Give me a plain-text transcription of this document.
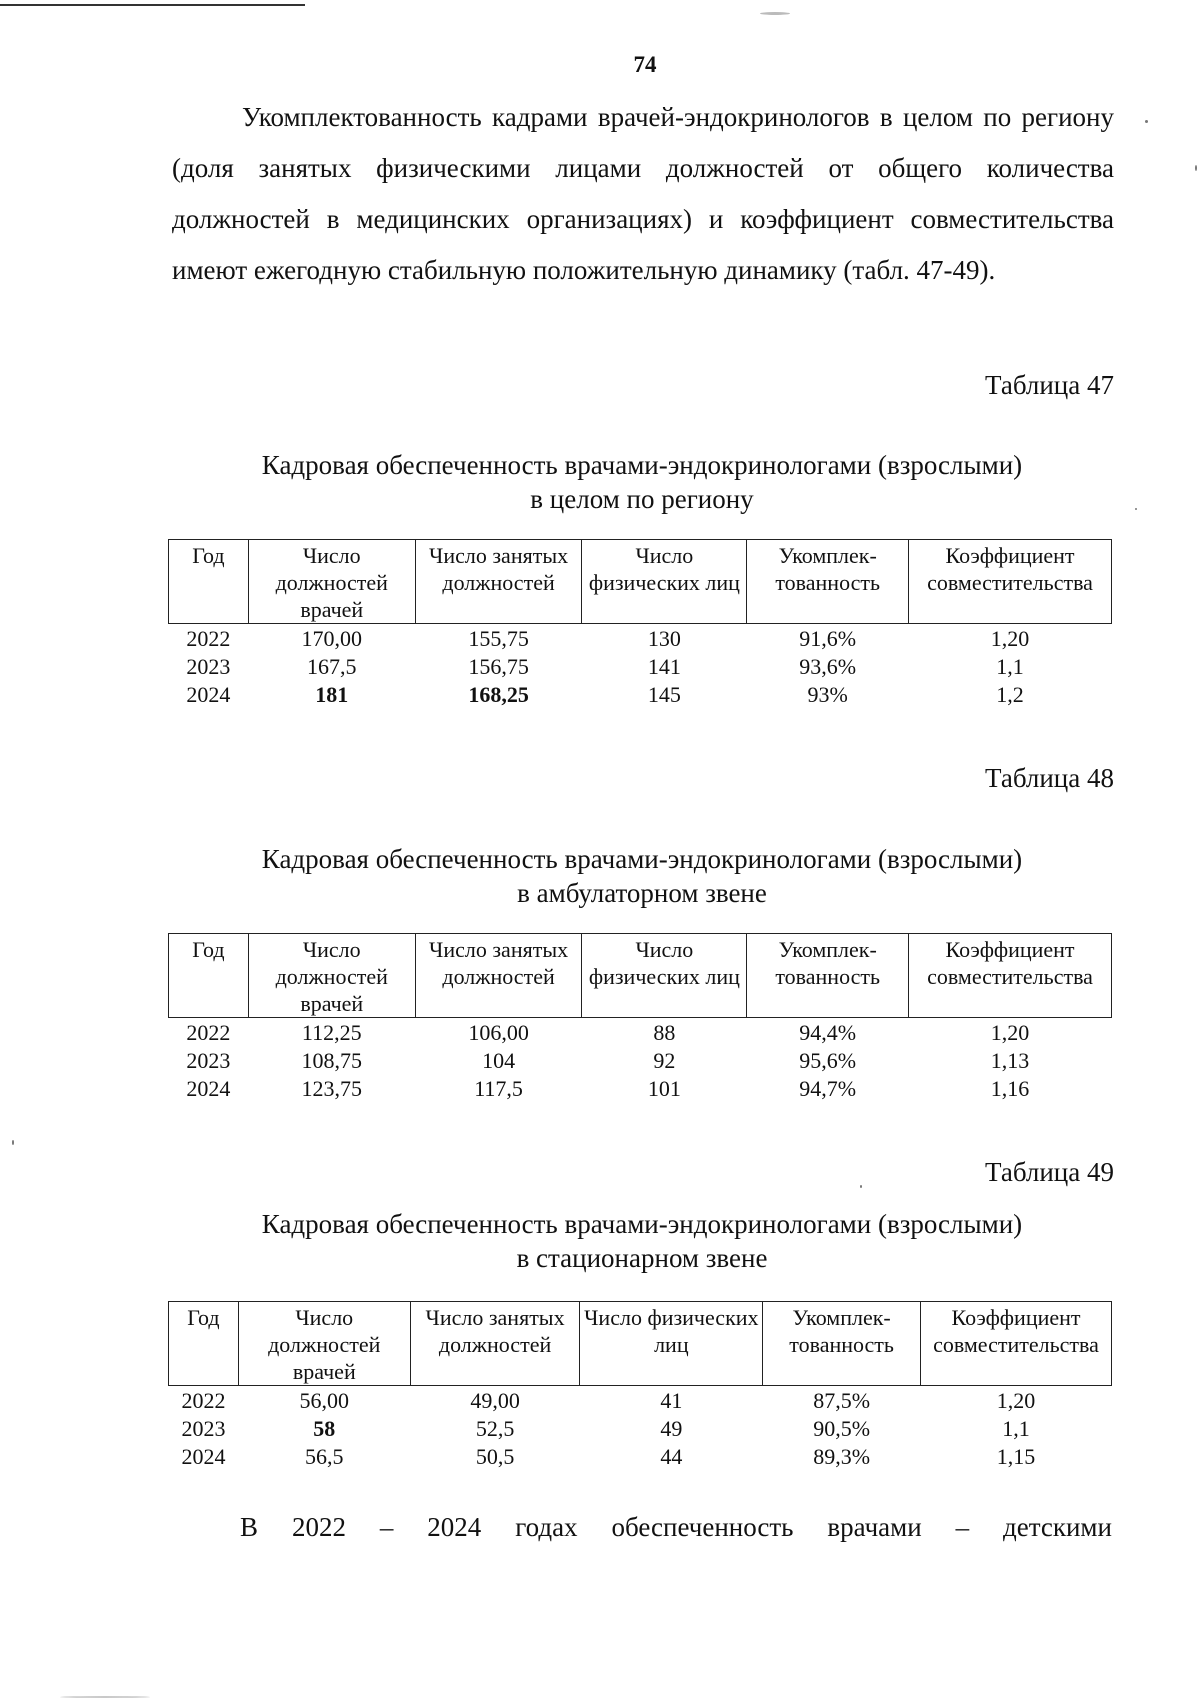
74
Укомплектованность кадрами врачей-эндокринологов в целом по региону (доля занятых физическими лицами должностей от общего количества должностей в медицинских организациях) и коэффициент совместительства имеют ежегодную стабильную положительную динамику (табл. 47-49).
Таблица 47
Кадровая обеспеченность врачами-эндокринологами (взрослыми)
в целом по региону
Год	Число должностей врачей	Число занятых должностей	Число физических лиц	Укомплек-тованность	Коэффициент совместительства
2022	170,00	155,75	130	91,6%	1,20
2023	167,5	156,75	141	93,6%	1,1
2024	181	168,25	145	93%	1,2
Таблица 48
Кадровая обеспеченность врачами-эндокринологами (взрослыми)
в амбулаторном звене
Год	Число должностей врачей	Число занятых должностей	Число физических лиц	Укомплек-тованность	Коэффициент совместительства
2022	112,25	106,00	88	94,4%	1,20
2023	108,75	104	92	95,6%	1,13
2024	123,75	117,5	101	94,7%	1,16
Таблица 49
Кадровая обеспеченность врачами-эндокринологами (взрослыми)
в стационарном звене
Год	Число должностей врачей	Число занятых должностей	Число физических лиц	Укомплек-тованность	Коэффициент совместительства
2022	56,00	49,00	41	87,5%	1,20
2023	58	52,5	49	90,5%	1,1
2024	56,5	50,5	44	89,3%	1,15
В 2022 – 2024 годах обеспеченность врачами – детскими
